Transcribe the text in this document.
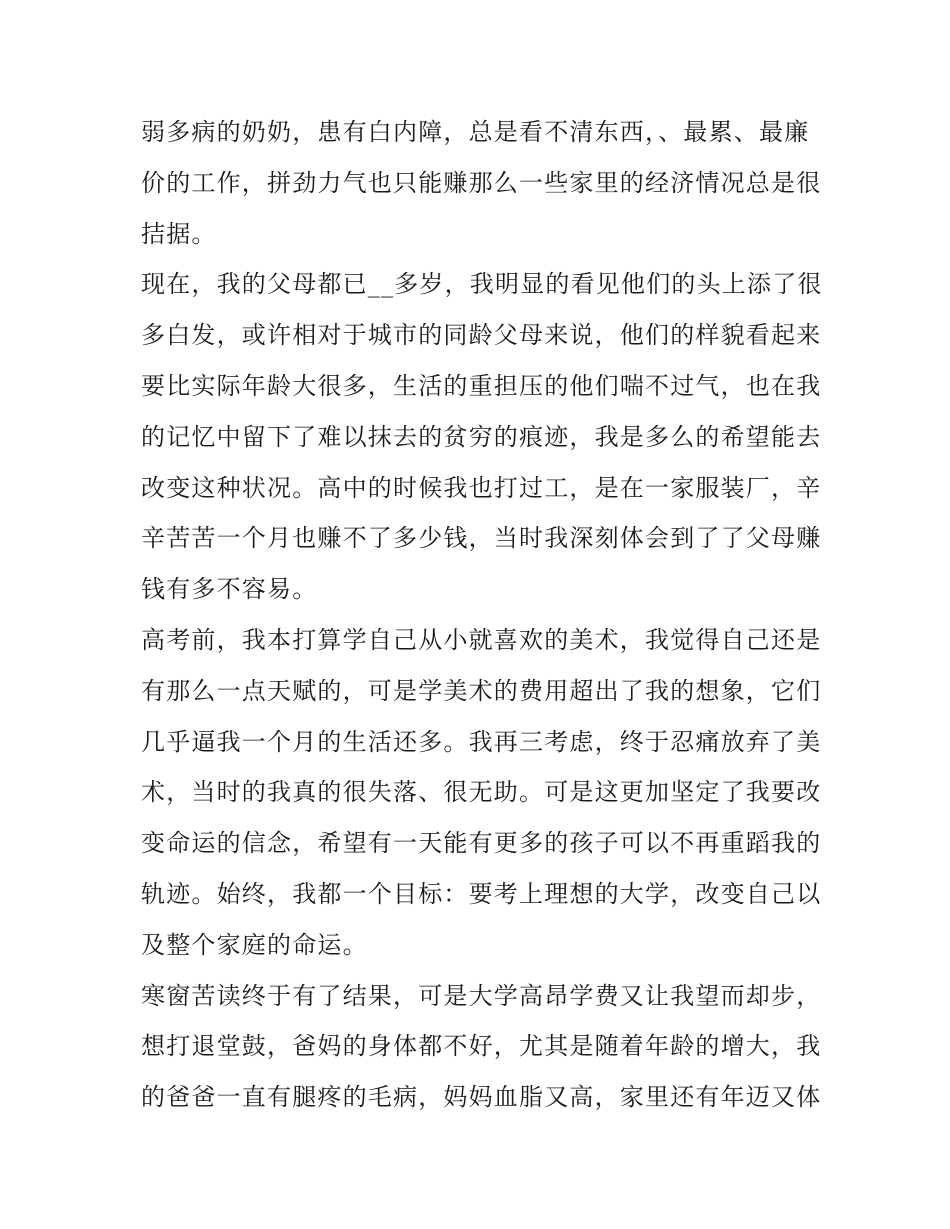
弱多病的奶奶，患有白内障，总是看不清东西，、最累、最廉
价的工作，拼劲力气也只能赚那么一些家里的经济情况总是很
拮据。
现在，我的父母都已__多岁，我明显的看见他们的头上添了很
多白发，或许相对于城市的同龄父母来说，他们的样貌看起来
要比实际年龄大很多，生活的重担压的他们喘不过气，也在我
的记忆中留下了难以抹去的贫穷的痕迹，我是多么的希望能去
改变这种状况。高中的时候我也打过工，是在一家服装厂，辛
辛苦苦一个月也赚不了多少钱，当时我深刻体会到了了父母赚
钱有多不容易。
高考前，我本打算学自己从小就喜欢的美术，我觉得自己还是
有那么一点天赋的，可是学美术的费用超出了我的想象，它们
几乎逼我一个月的生活还多。我再三考虑，终于忍痛放弃了美
术，当时的我真的很失落、很无助。可是这更加坚定了我要改
变命运的信念，希望有一天能有更多的孩子可以不再重蹈我的
轨迹。始终，我都一个目标：要考上理想的大学，改变自己以
及整个家庭的命运。
寒窗苦读终于有了结果，可是大学高昂学费又让我望而却步，
想打退堂鼓，爸妈的身体都不好，尤其是随着年龄的增大，我
的爸爸一直有腿疼的毛病，妈妈血脂又高，家里还有年迈又体
